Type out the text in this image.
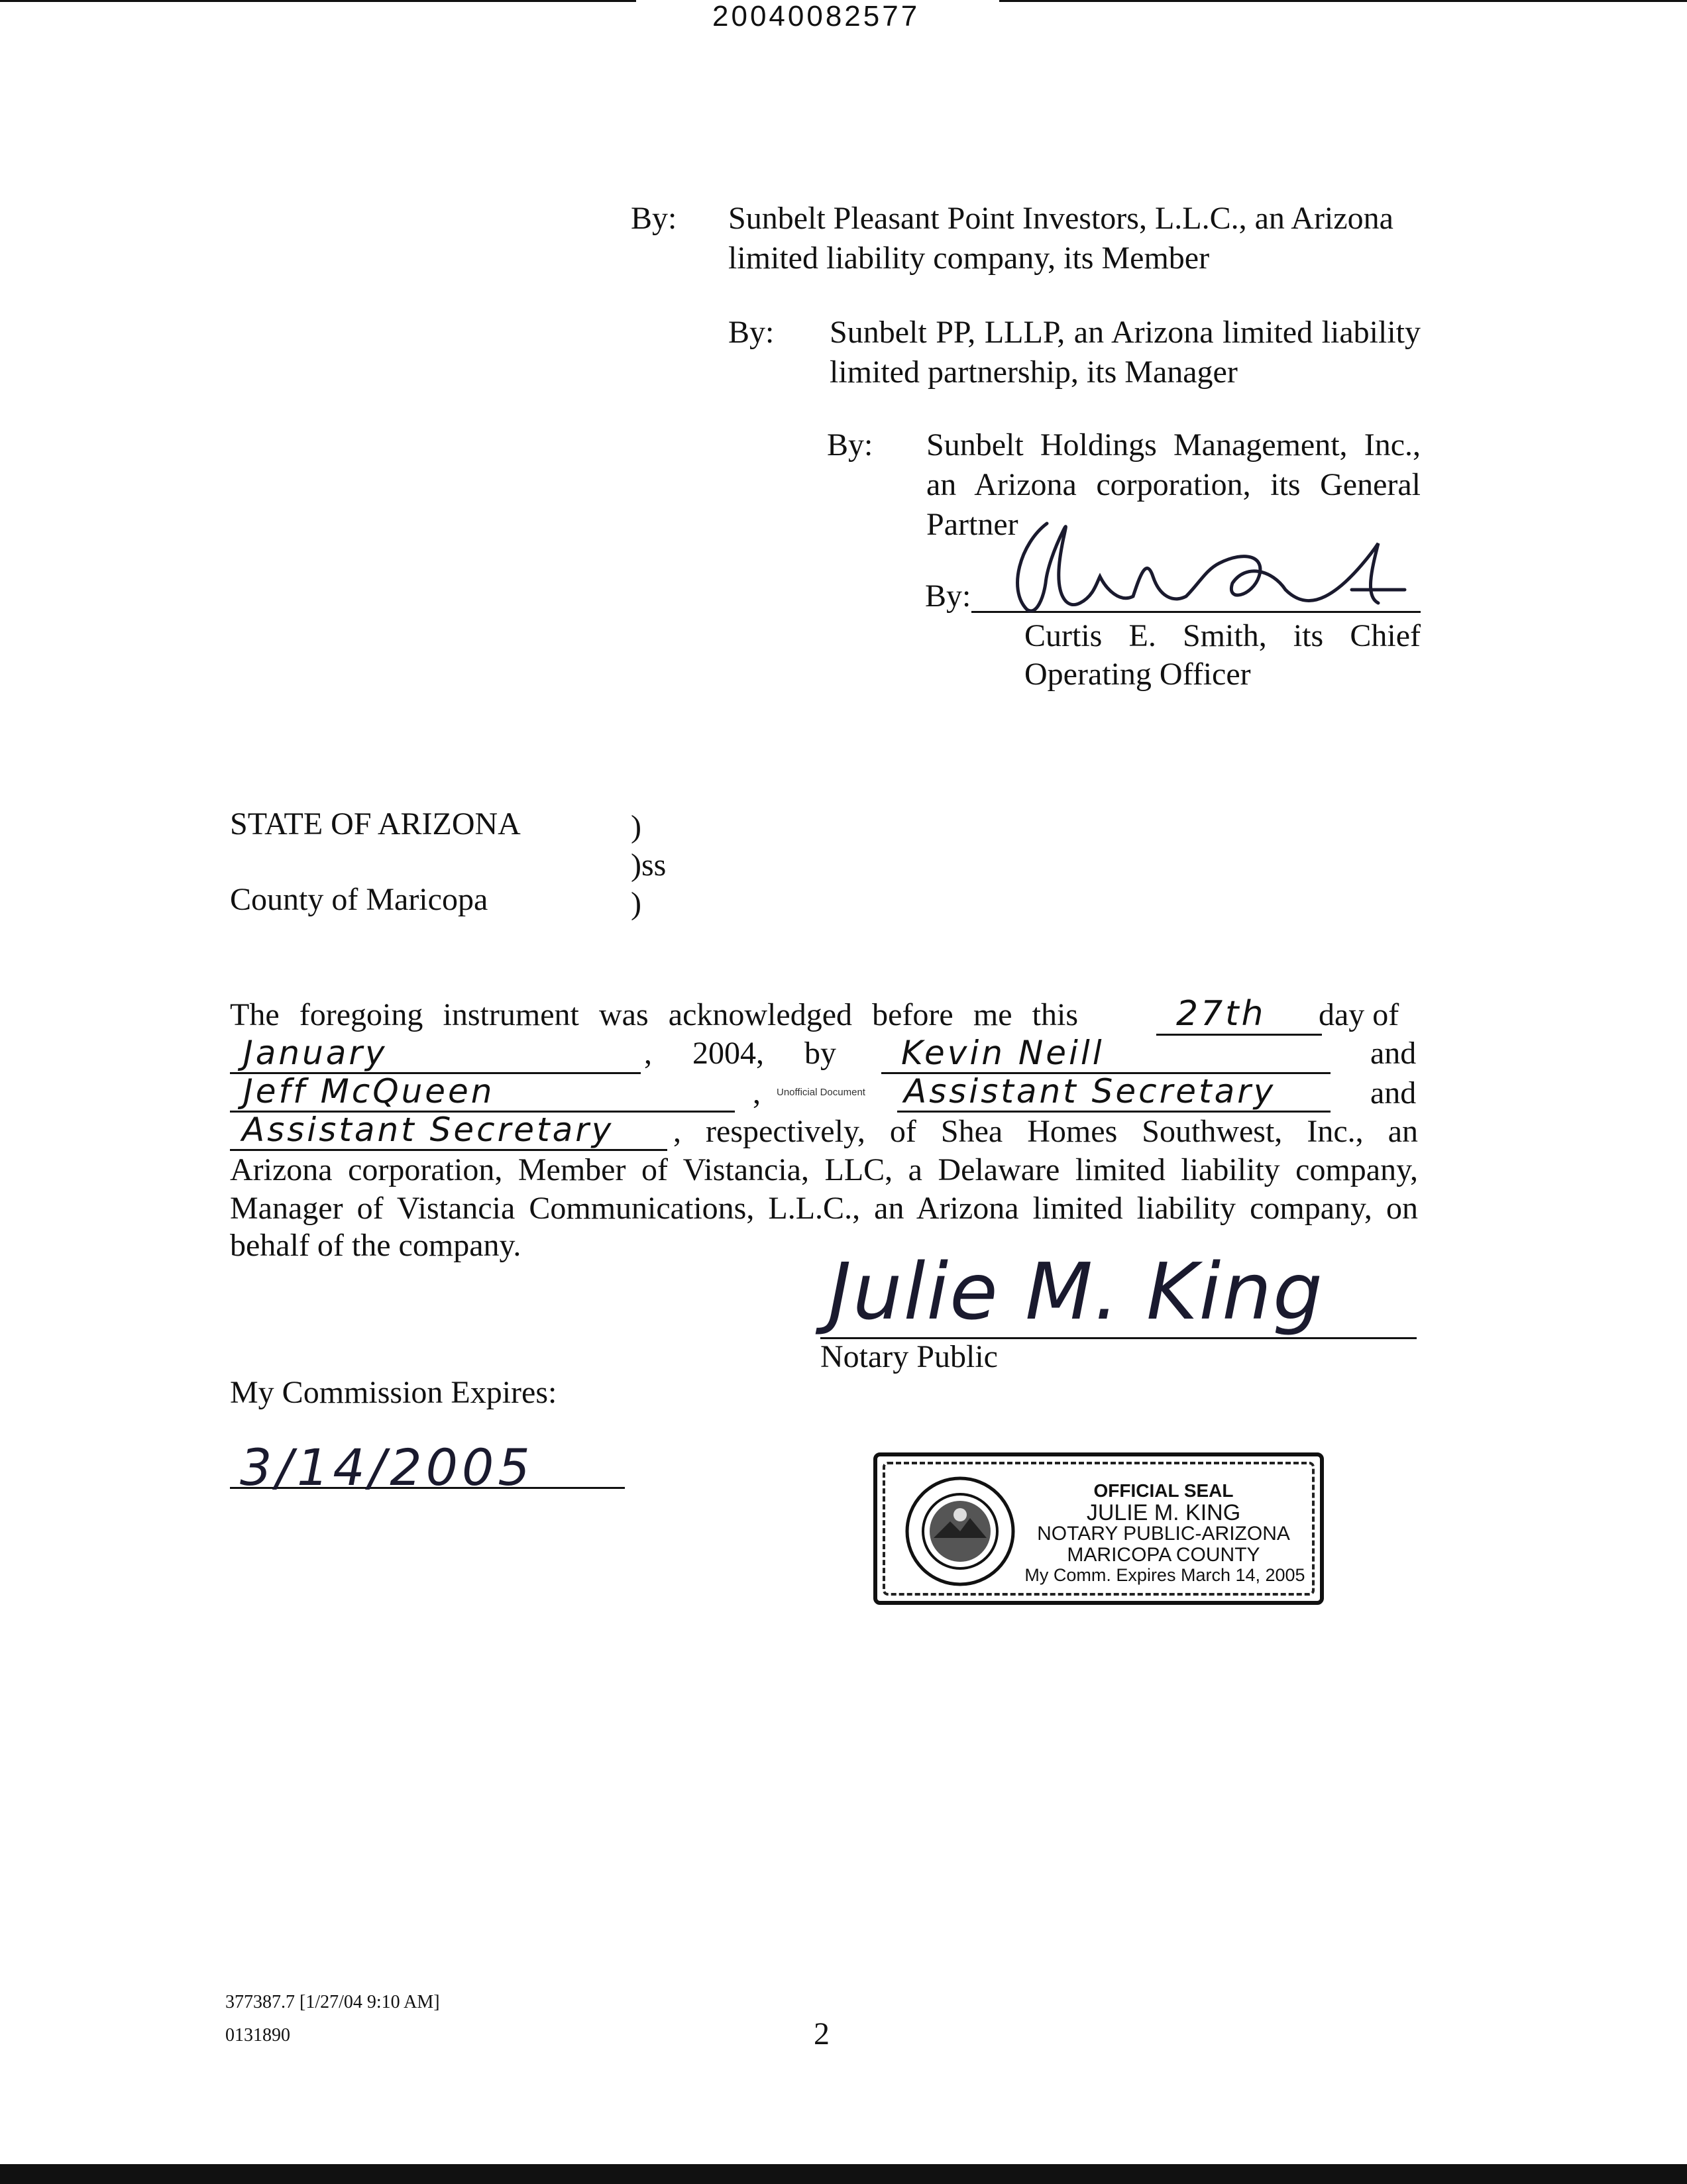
20040082577
By: Sunbelt Pleasant Point Investors, L.L.C., an Arizona limited liability company, its Member
By: Sunbelt PP, LLLP, an Arizona limited liability limited partnership, its Manager
By: Sunbelt Holdings Management, Inc., an Arizona corporation, its General Partner
By:
Curtis E. Smith, its Chief
Operating Officer
STATE OF ARIZONA	)
)ss
County of Maricopa	)
The foregoing instrument was acknowledged before me this	27th day of
January	, 2004, by Kevin Neill	and
Jeff McQueen	, Unofficial Document Assistant Secretary	and
Assistant Secretary , respectively, of Shea Homes Southwest, Inc., an
Arizona corporation, Member of Vistancia, LLC, a Delaware limited liability company,
Manager of Vistancia Communications, L.L.C., an Arizona limited liability company, on
behalf of the company.
Julie M. King
Notary Public
My Commission Expires:
3/14/2005	OFFICIAL SEAL
JULIE M. KING
NOTARY PUBLIC-ARIZONA
MARICOPA COUNTY
My Comm. Expires March 14, 2005
377387.7 [1/27/04 9:10 AM]
0131890	2
